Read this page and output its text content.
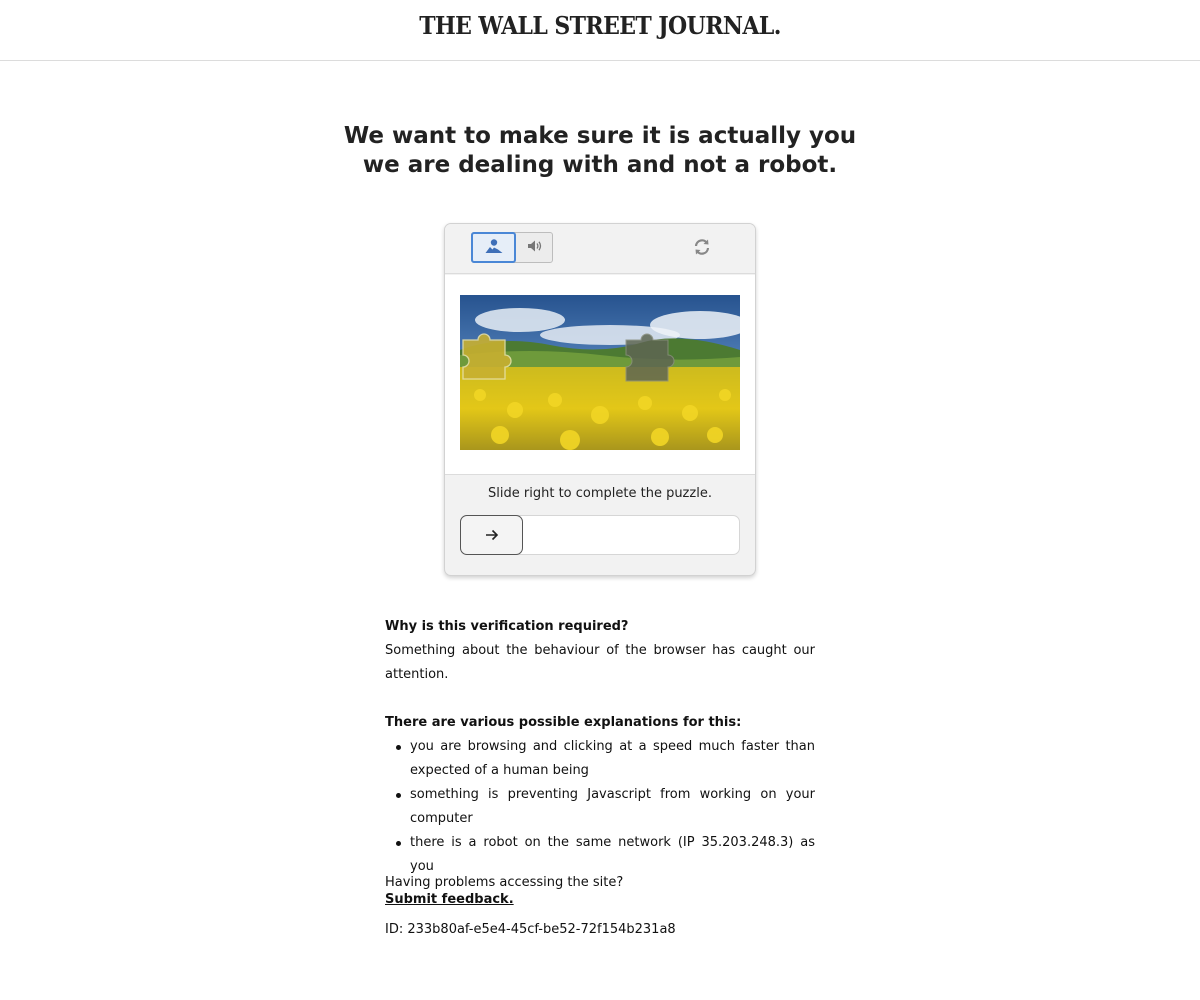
THE WALL STREET JOURNAL.
We want to make sure it is actually you
we are dealing with and not a robot.
Slide right to complete the puzzle.

Why is this verification required?

Something about the behaviour of the browser has caught our attention.

There are various possible explanations for this:

you are browsing and clicking at a speed much faster than expected of a human being
something is preventing Javascript from working on your computer
there is a robot on the same network (IP 35.203.248.3) as you
Having problems accessing the site?
Submit feedback.
ID: 233b80af-e5e4-45cf-be52-72f154b231a8
